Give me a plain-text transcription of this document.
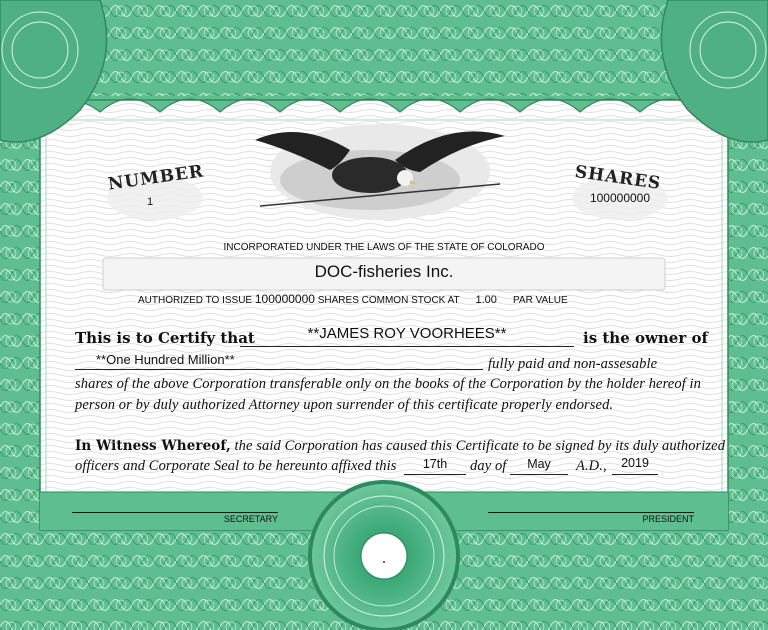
NUMBER
1
SHARES
100000000
INCORPORATED UNDER THE LAWS OF THE STATE OF COLORADO
DOC-fisheries Inc.
AUTHORIZED TO ISSUE 100000000 SHARES COMMON STOCK AT 1.00 PAR VALUE
This is to Certify that	**JAMES ROY VOORHEES**	is the owner of
**One Hundred Million**	fully paid and non-assesable
shares of the above Corporation transferable only on the books of the Corporation by the holder hereof in
person or by duly authorized Attorney upon surrender of this certificate properly endorsed.
In Witness Whereof, the said Corporation has caused this Certificate to be signed by its duly authorized
officers and Corporate Seal to be hereunto affixed this	17th	day of	May	A.D.,	2019
SECRETARY	PRESIDENT
